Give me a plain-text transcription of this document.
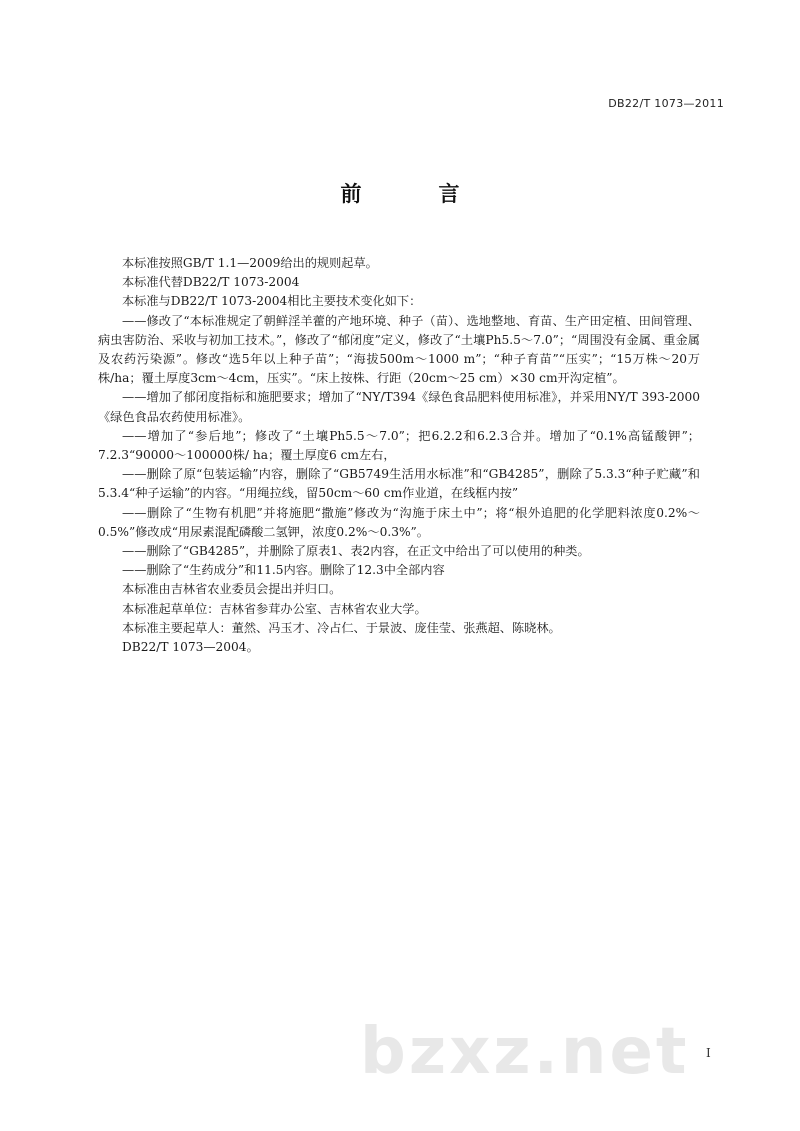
DB22/T 1073—2011
前　言

本标准按照GB/T 1.1—2009给出的规则起草。

本标准代替DB22/T 1073-2004

本标准与DB22/T 1073-2004相比主要技术变化如下：

——修改了“本标准规定了朝鲜淫羊藿的产地环境、种子（苗）、选地整地、育苗、生产田定植、田间管理、病虫害防治、采收与初加工技术。”，修改了“郁闭度”定义，修改了“土壤Ph5.5～7.0”；“周围没有金属、重金属及农药污染源”。修改“选5年以上种子苗”；“海拔500m～1000 m”；“种子育苗”“压实”；“15万株～20万株/ha；覆土厚度3cm～4cm，压实”。“床上按株、行距（20cm～25 cm）×30 cm开沟定植”。

——增加了郁闭度指标和施肥要求；增加了“NY/T394《绿色食品肥料使用标准》，并采用NY/T 393-2000 《绿色食品农药使用标准》。

——增加了“参后地”；修改了“土壤Ph5.5～7.0”；把6.2.2和6.2.3合并。增加了“0.1%高锰酸钾”；7.2.3“90000～100000株/ ha；覆土厚度6 cm左右，

——删除了原“包装运输”内容，删除了“GB5749生活用水标准”和“GB4285”，删除了5.3.3“种子贮藏”和5.3.4“种子运输”的内容。“用绳拉线，留50cm～60 cm作业道，在线框内按”

——删除了“生物有机肥”并将施肥“撒施”修改为“沟施于床土中”；将“根外追肥的化学肥料浓度0.2%～0.5%”修改成“用尿素混配磷酸二氢钾，浓度0.2%～0.3%”。

——删除了“GB4285”，并删除了原表1、表2内容，在正文中给出了可以使用的种类。

——删除了“生药成分”和11.5内容。删除了12.3中全部内容

本标准由吉林省农业委员会提出并归口。

本标准起草单位：吉林省参茸办公室、吉林省农业大学。

本标准主要起草人：董然、冯玉才、冷占仁、于景波、庞佳莹、张燕超、陈晓林。

DB22/T 1073—2004。

bzxz.net I
